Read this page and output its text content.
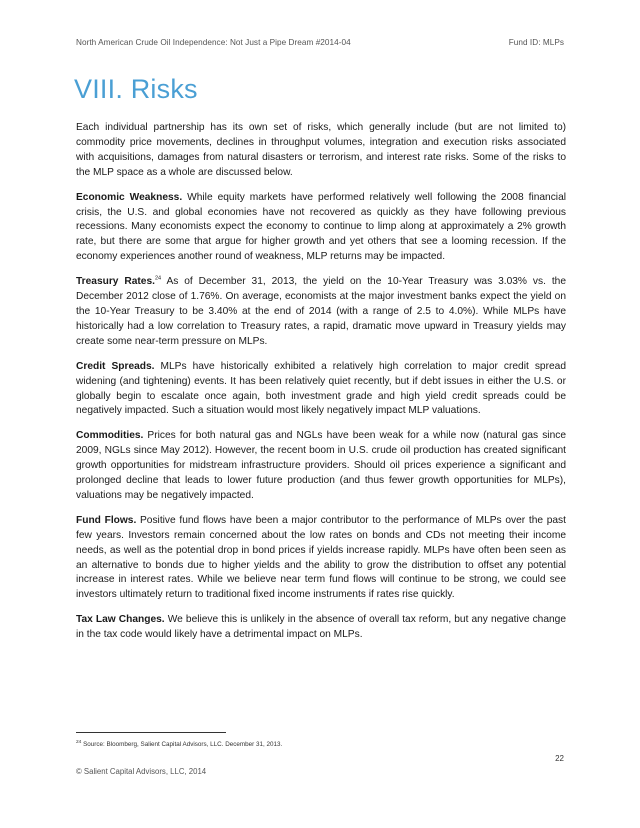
North American Crude Oil Independence: Not Just a Pipe Dream #2014-04	Fund ID: MLPs
VIII. Risks

Each individual partnership has its own set of risks, which generally include (but are not limited to) commodity price movements, declines in throughput volumes, integration and execution risks associated with acquisitions, damages from natural disasters or terrorism, and interest rate risks. Some of the risks to the MLP space as a whole are discussed below.

Economic Weakness. While equity markets have performed relatively well following the 2008 financial crisis, the U.S. and global economies have not recovered as quickly as they have following previous recessions. Many economists expect the economy to continue to limp along at approximately a 2% growth rate, but there are some that argue for higher growth and yet others that see a looming recession. If the economy experiences another round of weakness, MLP returns may be impacted.

Treasury Rates.$^{24}$ As of December 31, 2013, the yield on the 10-Year Treasury was 3.03% vs. the December 2012 close of 1.76%. On average, economists at the major investment banks expect the yield on the 10-Year Treasury to be 3.40% at the end of 2014 (with a range of 2.5 to 4.0%). While MLPs have historically had a low correlation to Treasury rates, a rapid, dramatic move upward in Treasury yields may create some near-term pressure on MLPs.

Credit Spreads. MLPs have historically exhibited a relatively high correlation to major credit spread widening (and tightening) events. It has been relatively quiet recently, but if debt issues in either the U.S. or globally begin to escalate once again, both investment grade and high yield credit spreads could be negatively impacted. Such a situation would most likely negatively impact MLP valuations.

Commodities. Prices for both natural gas and NGLs have been weak for a while now (natural gas since 2009, NGLs since May 2012). However, the recent boom in U.S. crude oil production has created significant growth opportunities for midstream infrastructure providers. Should oil prices experience a significant and prolonged decline that leads to lower future production (and thus fewer growth opportunities for MLPs), valuations may be negatively impacted.

Fund Flows. Positive fund flows have been a major contributor to the performance of MLPs over the past few years. Investors remain concerned about the low rates on bonds and CDs not meeting their income needs, as well as the potential drop in bond prices if yields increase rapidly. MLPs have often been seen as an alternative to bonds due to higher yields and the ability to grow the distribution to offset any potential increase in interest rates. While we believe near term fund flows will continue to be strong, we could see investors ultimately return to traditional fixed income instruments if rates rise quickly.

Tax Law Changes. We believe this is unlikely in the absence of overall tax reform, but any negative change in the tax code would likely have a detrimental impact on MLPs.

$^{24}$ Source: Bloomberg, Salient Capital Advisors, LLC. December 31, 2013.
22
© Salient Capital Advisors, LLC, 2014
